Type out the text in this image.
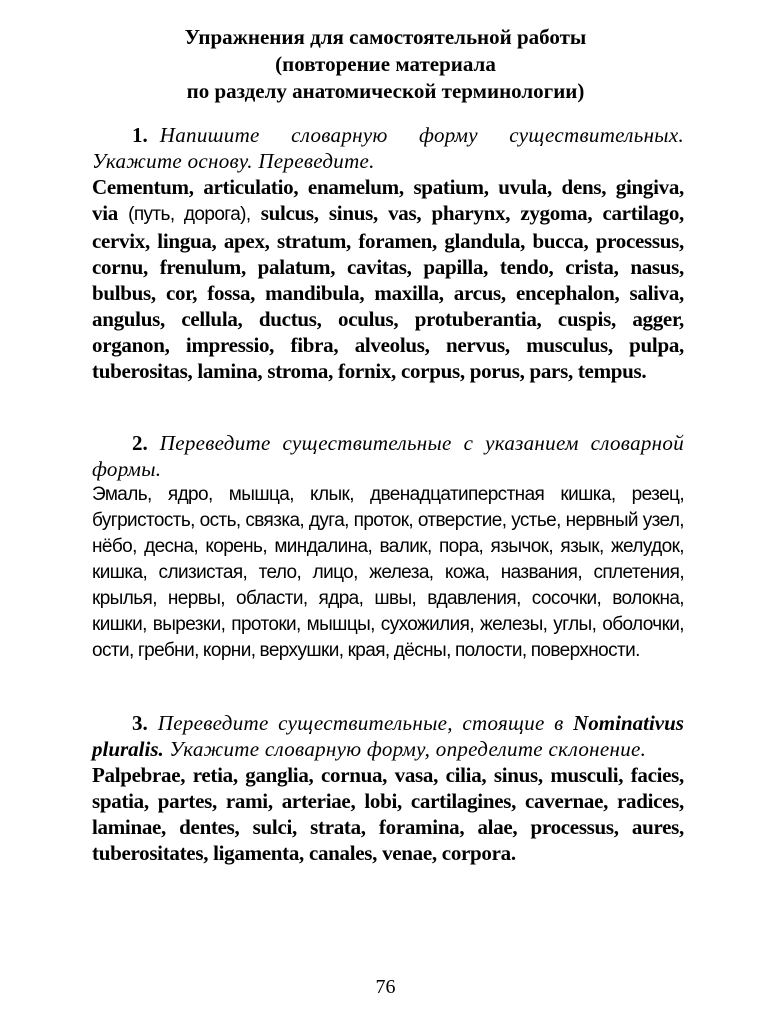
Упражнения для самостоятельной работы
(повторение материала
по разделу анатомической терминологии)
1. Напишите словарную форму существительных. Укажите основу. Переведите.
Cementum, articulatio, enamelum, spatium, uvula, dens, gingiva, via (путь, дорога), sulcus, sinus, vas, pharynx, zygoma, cartilago, cervix, lingua, apex, stratum, foramen, glandula, bucca, processus, cornu, frenulum, palatum, cavitas, papilla, tendo, crista, nasus, bulbus, cor, fossa, mandibula, maxilla, arcus, encephalon, saliva, angulus, cellula, ductus, oculus, protuberantia, cuspis, agger, organon, impressio, fibra, alveolus, nervus, musculus, pulpa, tuberositas, lamina, stroma, fornix, corpus, porus, pars, tempus.
2. Переведите существительные с указанием словарной формы.
Эмаль, ядро, мышца, клык, двенадцатиперстная кишка, резец, бугристость, ость, связка, дуга, проток, отверстие, устье, нервный узел, нёбо, десна, корень, миндалина, валик, пора, язычок, язык, желудок, кишка, слизистая, тело, лицо, железа, кожа, названия, сплетения, крылья, нервы, области, ядра, швы, вдавления, сосочки, волокна, кишки, вырезки, протоки, мышцы, сухожилия, железы, углы, оболочки, ости, гребни, корни, верхушки, края, дёсны, полости, поверхности.
3. Переведите существительные, стоящие в Nominativus pluralis. Укажите словарную форму, определите склонение.
Palpebrae, retia, ganglia, cornua, vasa, cilia, sinus, musculi, facies, spatia, partes, rami, arteriae, lobi, cartilagines, cavernae, radices, laminae, dentes, sulci, strata, foramina, alae, processus, aures, tuberositates, ligamenta, canales, venae, corpora.
76
